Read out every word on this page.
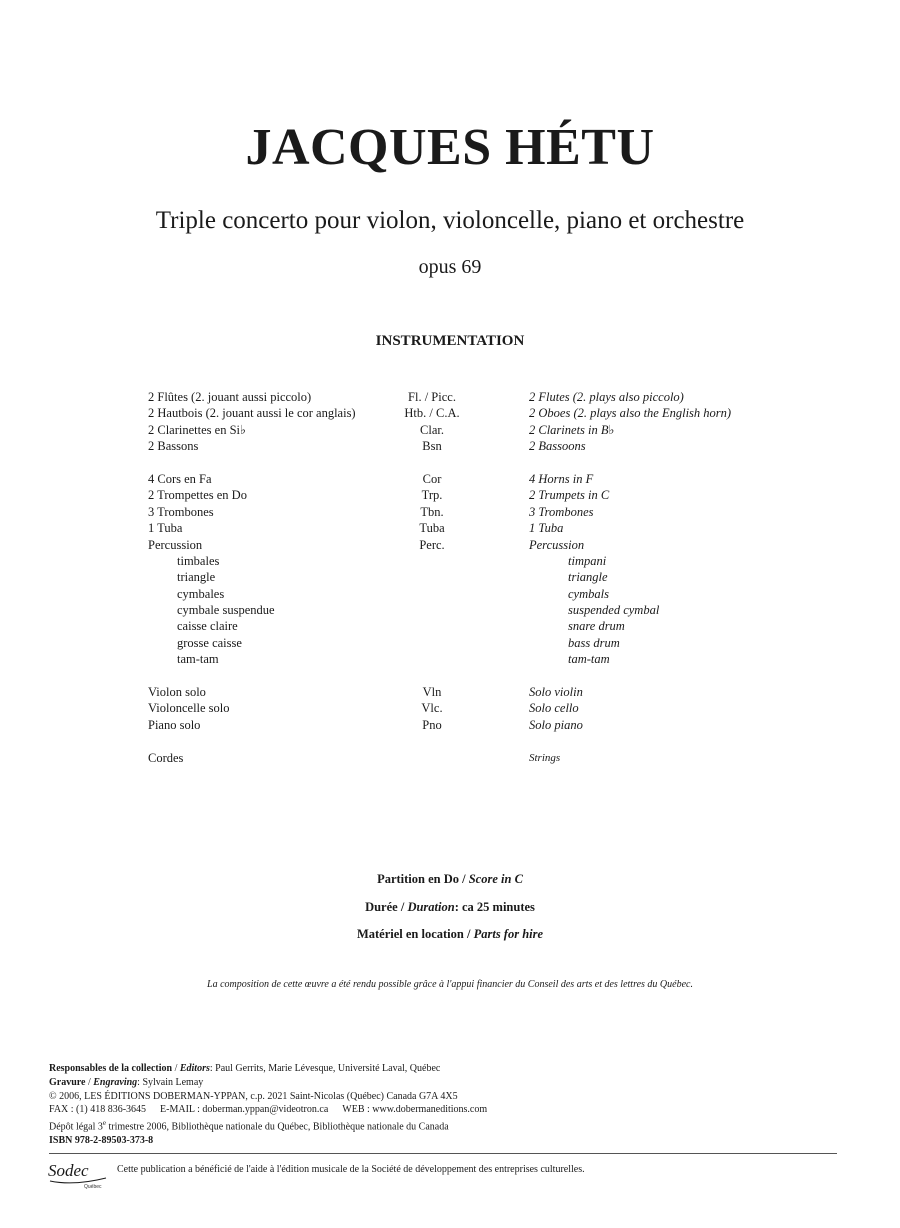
JACQUES HÉTU
Triple concerto pour violon, violoncelle, piano et orchestre
opus 69
INSTRUMENTATION
2 Flûtes (2. jouant aussi piccolo)	Fl. / Picc.	2 Flutes (2. plays also piccolo)
2 Hautbois (2. jouant aussi le cor anglais)	Htb. / C.A.	2 Oboes (2. plays also the English horn)
2 Clarinettes en Si♭	Clar.	2 Clarinets in B♭
2 Bassons	Bsn	2 Bassoons
4 Cors en Fa	Cor	4 Horns in F
2 Trompettes en Do	Trp.	2 Trumpets in C
3 Trombones	Tbn.	3 Trombones
1 Tuba	Tuba	1 Tuba
Percussion	Perc.	Percussion
timbales	timpani
triangle	triangle
cymbales	cymbals
cymbale suspendue	suspended cymbal
caisse claire	snare drum
grosse caisse	bass drum
tam-tam	tam-tam
Violon solo	Vln	Solo violin
Violoncelle solo	Vlc.	Solo cello
Piano solo	Pno	Solo piano
Cordes	Strings
Partition en Do / Score in C
Durée / Duration: ca 25 minutes
Matériel en location / Parts for hire
La composition de cette œuvre a été rendu possible grâce à l'appui financier du Conseil des arts et des lettres du Québec.
Responsables de la collection / Editors: Paul Gerrits, Marie Lévesque, Université Laval, Québec
Gravure / Engraving: Sylvain Lemay
© 2006, LES ÉDITIONS DOBERMAN-YPPAN, c.p. 2021 Saint-Nicolas (Québec) Canada G7A 4X5
FAX : (1) 418 836-3645 E-MAIL : doberman.yppan@videotron.ca WEB : www.dobermaneditions.com
Dépôt légal 3e trimestre 2006, Bibliothèque nationale du Québec, Bibliothèque nationale du Canada
ISBN 978-2-89503-373-8
Sodec
Québec
Cette publication a bénéficié de l'aide à l'édition musicale de la Société de développement des entreprises culturelles.
